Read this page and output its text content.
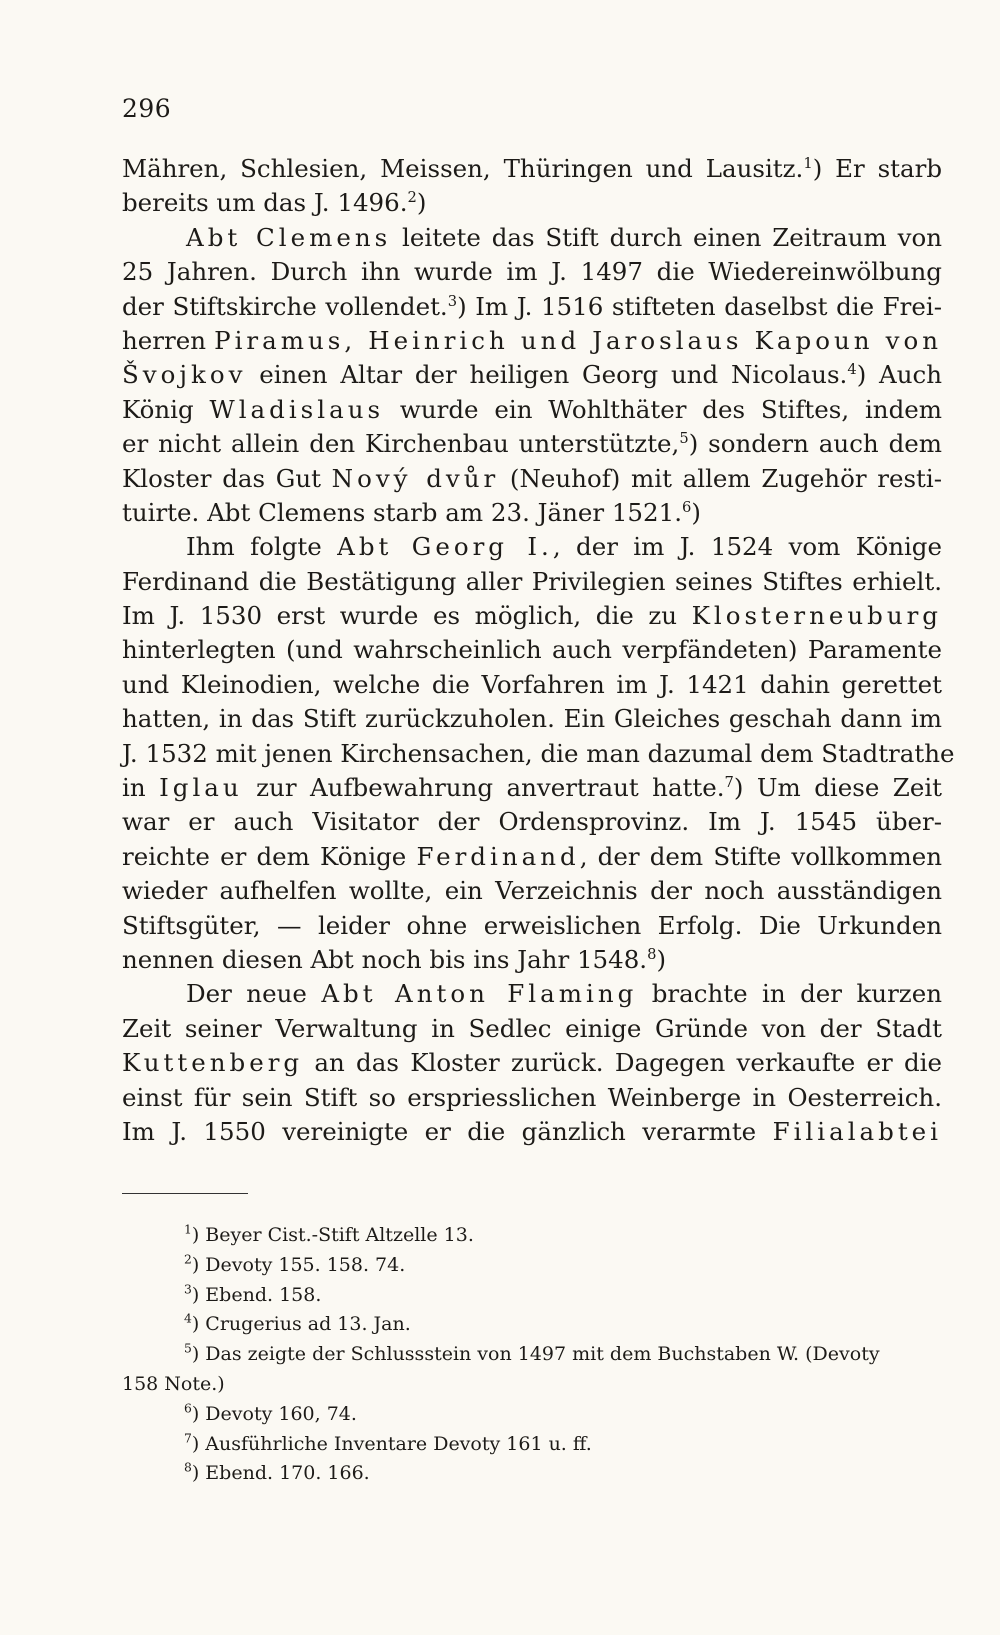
296
Mähren, Schlesien, Meissen, Thüringen und Lausitz.$^1$) Er starb
bereits um das J. 1496.$^2$)
Abt Clemens leitete das Stift durch einen Zeitraum von
25 Jahren. Durch ihn wurde im J. 1497 die Wiedereinwölbung
der Stiftskirche vollendet.$^3$) Im J. 1516 stifteten daselbst die Frei-
herren Piramus, Heinrich und Jaroslaus Kapoun von
Švojkov einen Altar der heiligen Georg und Nicolaus.$^4$) Auch
König Wladislaus wurde ein Wohlthäter des Stiftes, indem
er nicht allein den Kirchenbau unterstützte,$^5$) sondern auch dem
Kloster das Gut Nový dvůr (Neuhof) mit allem Zugehör resti-
tuirte. Abt Clemens starb am 23. Jäner 1521.$^6$)
Ihm folgte Abt Georg I., der im J. 1524 vom Könige
Ferdinand die Bestätigung aller Privilegien seines Stiftes erhielt.
Im J. 1530 erst wurde es möglich, die zu Klosterneuburg
hinterlegten (und wahrscheinlich auch verpfändeten) Paramente
und Kleinodien, welche die Vorfahren im J. 1421 dahin gerettet
hatten, in das Stift zurückzuholen. Ein Gleiches geschah dann im
J. 1532 mit jenen Kirchensachen, die man dazumal dem Stadtrathe
in Iglau zur Aufbewahrung anvertraut hatte.$^7$) Um diese Zeit
war er auch Visitator der Ordensprovinz. Im J. 1545 über-
reichte er dem Könige Ferdinand, der dem Stifte vollkommen
wieder aufhelfen wollte, ein Verzeichnis der noch ausständigen
Stiftsgüter, — leider ohne erweislichen Erfolg. Die Urkunden
nennen diesen Abt noch bis ins Jahr 1548.$^8$)
Der neue Abt Anton Flaming brachte in der kurzen
Zeit seiner Verwaltung in Sedlec einige Gründe von der Stadt
Kuttenberg an das Kloster zurück. Dagegen verkaufte er die
einst für sein Stift so erspriesslichen Weinberge in Oesterreich.
Im J. 1550 vereinigte er die gänzlich verarmte Filialabtei
$^1$) Beyer Cist.-Stift Altzelle 13.
$^2$) Devoty 155. 158. 74.
$^3$) Ebend. 158.
$^4$) Crugerius ad 13. Jan.
$^5$) Das zeigte der Schlussstein von 1497 mit dem Buchstaben W. (Devoty
158 Note.)
$^6$) Devoty 160, 74.
$^7$) Ausführliche Inventare Devoty 161 u. ff.
$^8$) Ebend. 170. 166.
